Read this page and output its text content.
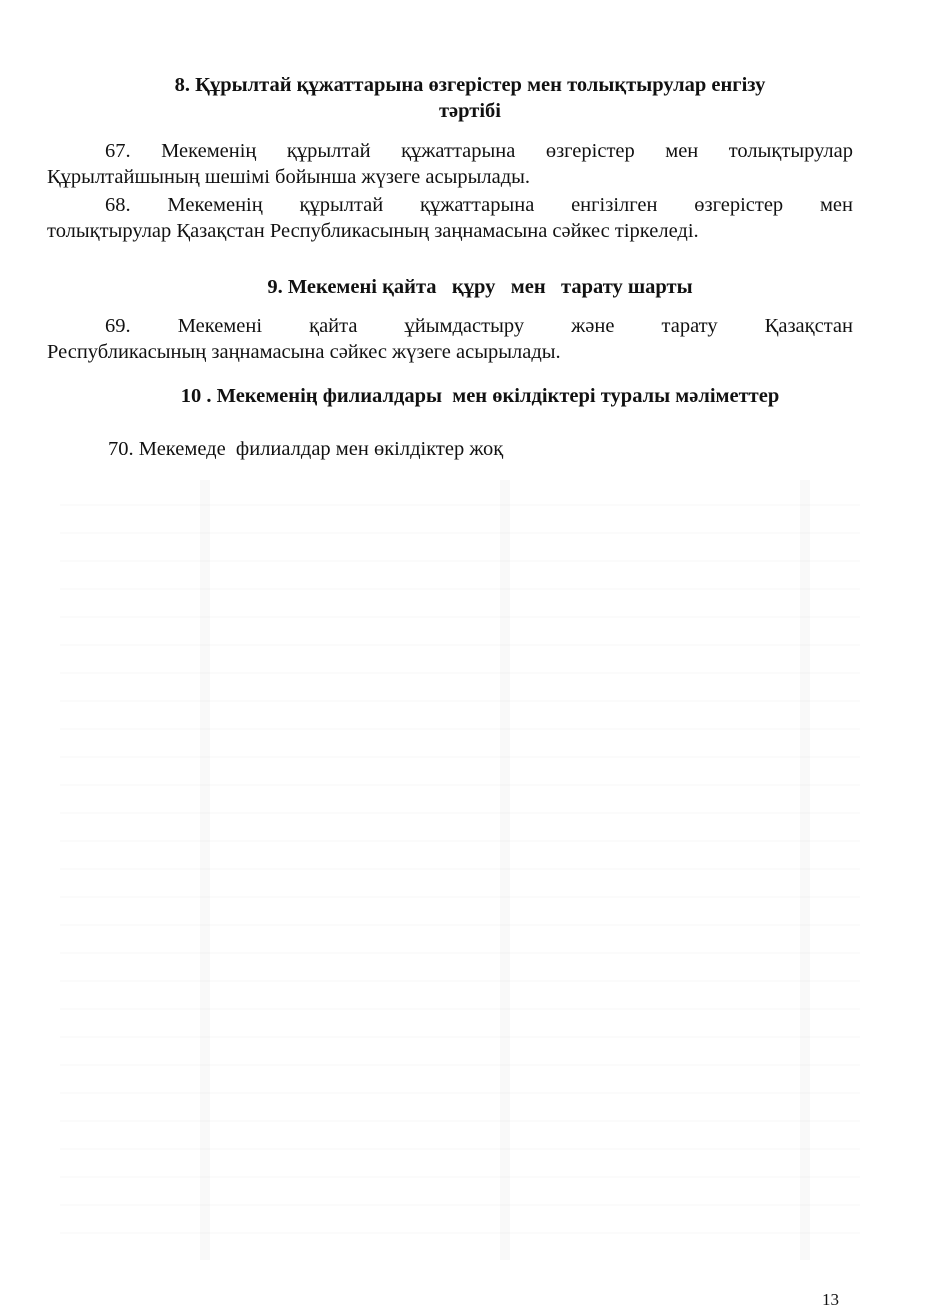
8. Құрылтай құжаттарына өзгерістер мен толықтырулар енгізу
тәртібі
67. Мекеменің құрылтай құжаттарына өзгерістер мен толықтырулар
Құрылтайшының шешімі бойынша жүзеге асырылады.
68. Мекеменің құрылтай құжаттарына енгізілген өзгерістер мен
толықтырулар Қазақстан Республикасының заңнамасына сәйкес тіркеледі.
9. Мекемені қайта   құру   мен   тарату шарты
69. Мекемені қайта ұйымдастыру және тарату Қазақстан
Республикасының заңнамасына сәйкес жүзеге асырылады.
10 . Мекеменің филиалдары  мен өкілдіктері туралы мәліметтер
70. Мекемеде  филиалдар мен өкілдіктер жоқ
13
